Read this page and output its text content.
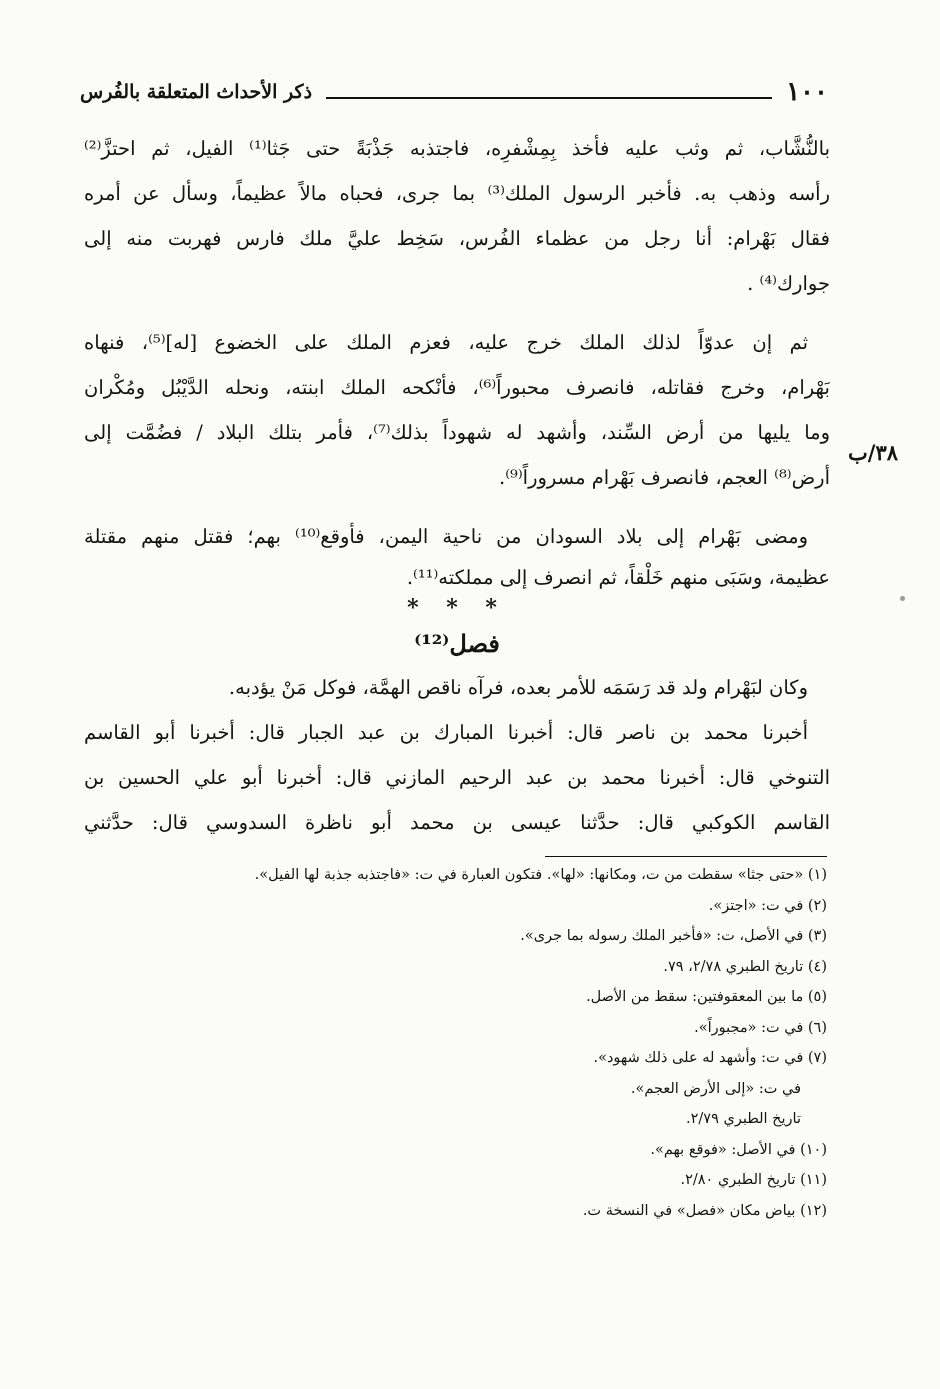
١٠٠
ذكر الأحداث المتعلقة بالفُرس
٣٨/ب
بالنُّشَّاب، ثم وثب عليه فأخذ بِمِشْفرِه، فاجتذبه جَذْبَةً حتى جَثا⁽¹⁾ الفيل، ثم احتزَّ⁽²⁾
رأسه وذهب به. فأخبر الرسول الملك⁽³⁾ بما جرى، فحباه مالاً عظيماً، وسأل عن أمره
فقال بَهْرام: أنا رجل من عظماء الفُرس، سَخِط عليَّ ملك فارس فهربت منه إلى
جوارك⁽⁴⁾ .
ثم إن عدوّاً لذلك الملك خرج عليه، فعزم الملك على الخضوع [له]⁽⁵⁾، فنهاه
بَهْرام، وخرج فقاتله، فانصرف محبوراً⁽⁶⁾، فأنْكحه الملك ابنته، ونحله الدَّيْبُل ومُكْران
وما يليها من أرض السِّند، وأشهد له شهوداً بذلك⁽⁷⁾، فأمر بتلك البلاد / فضُمَّت إلى
أرض⁽⁸⁾ العجم، فانصرف بَهْرام مسروراً⁽⁹⁾.
ومضى بَهْرام إلى بلاد السودان من ناحية اليمن، فأوقع⁽¹⁰⁾ بهم؛ فقتل منهم مقتلة
عظيمة، وسَبَى منهم خَلْقاً، ثم انصرف إلى مملكته⁽¹¹⁾.
* * *
فصل⁽¹²⁾
وكان لبَهْرام ولد قد رَسَمَه للأمر بعده، فرآه ناقص الهمَّة، فوكل مَنْ يؤدبه.
أخبرنا محمد بن ناصر قال: أخبرنا المبارك بن عبد الجبار قال: أخبرنا أبو القاسم
التنوخي قال: أخبرنا محمد بن عبد الرحيم المازني قال: أخبرنا أبو علي الحسين بن
القاسم الكوكبي قال: حدَّثنا عيسى بن محمد أبو ناظرة السدوسي قال: حدَّثني
(١) «حتى جثا» سقطت من ت، ومكانها: «لها». فتكون العبارة في ت: «فاجتذبه جذبة لها الفيل».
(٢) في ت: «اجتز».
(٣) في الأصل، ت: «فأخبر الملك رسوله بما جرى».
(٤) تاريخ الطبري ٢/٧٨، ٧٩.
(٥) ما بين المعقوفتين: سقط من الأصل.
(٦) في ت: «مجبوراً».
(٧) في ت: وأشهد له على ذلك شهود».
في ت: «إلى الأرض العجم».
تاريخ الطبري ٢/٧٩.
(١٠) في الأصل: «فوقع بهم».
(١١) تاريخ الطبري ٢/٨٠.
(١٢) بياض مكان «فصل» في النسخة ت.
